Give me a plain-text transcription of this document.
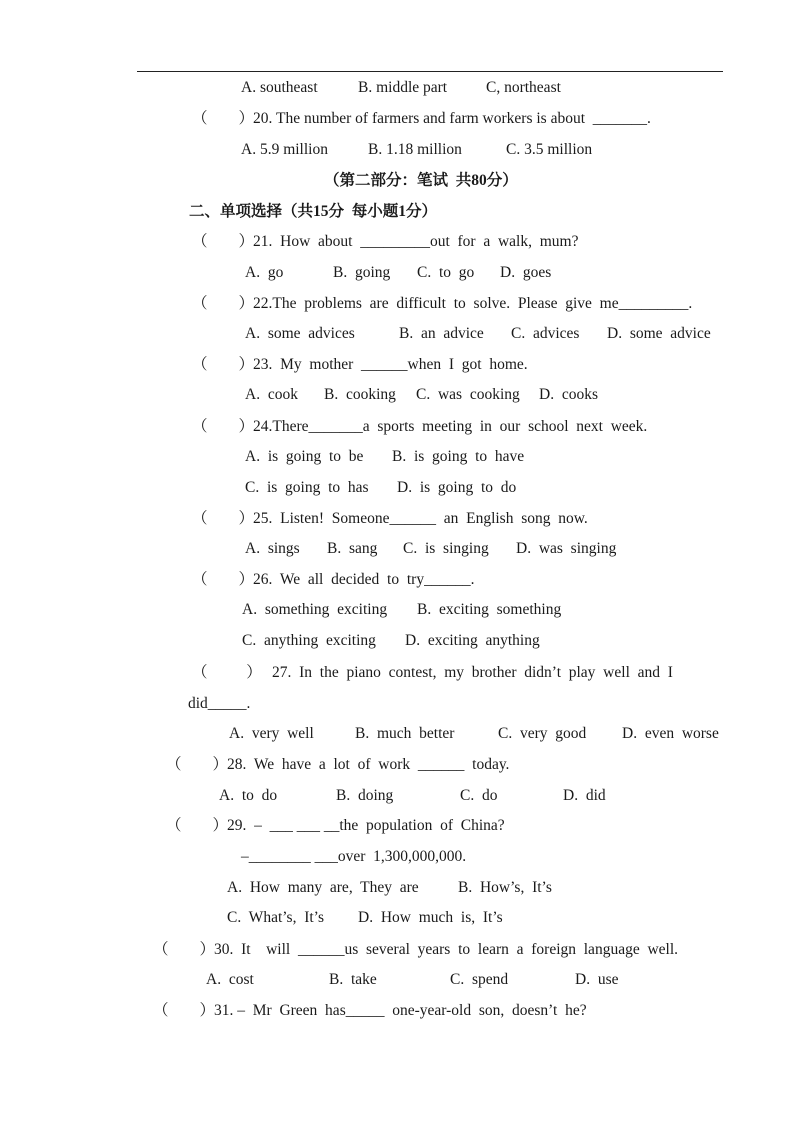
A. southeast	B. middle part	C, northeast
（        ）
20. The number of farmers and farm workers is about  _______.
A. 5.9 million	B. 1.18 million	C. 3.5 million
（第二部分：笔试  共80分）
二、单项选择（共15分  每小题1分）
（        ）
21.  How  about  _________out  for  a  walk,  mum?
A.  go	B.  going C.  to  go D.  goes
（        ）
22.The  problems  are  difficult  to  solve.  Please  give  me_________.
A.  some  advices	B.  an  advice C.  advices D.  some  advice
（        ）
23.  My  mother  ______when  I  got  home.
A.  cook B.  cooking C.  was  cooking D.  cooks
（        ）
24.There_______a  sports  meeting  in  our  school  next  week.
A.  is  going  to  be B.  is  going  to  have
C.  is  going  to  has D.  is  going  to  do
（        ）
25.  Listen!  Someone______  an  English  song  now.
A.  sings B.  sang C.  is  singing D.  was  singing
（        ）
26.  We  all  decided  to  try______.
A.  something  exciting B.  exciting  something
C.  anything  exciting D.  exciting  anything
（          ） 27.  In  the  piano  contest,  my  brother  didn’t  play  well  and  I
did_____.
A.  very  well	B.  much  better	C.  very  good D.  even  worse
（        ）
28.  We  have  a  lot  of  work  ______  today.
A.  to  do	B.  doing	C.  do	D.  did
（        ）
29.  –  ___ ___ __the  population  of  China?
–________ ___over  1,300,000,000.
A.  How  many  are,  They  are	B.  How’s,  It’s
C.  What’s,  It’s D.  How  much  is,  It’s
（        ）
30.  It    will  ______us  several  years  to  learn  a  foreign  language  well.
A.  cost	B.  take	C.  spend	D.  use
（        ）
31. –  Mr  Green  has_____  one-year-old  son,  doesn’t  he?
